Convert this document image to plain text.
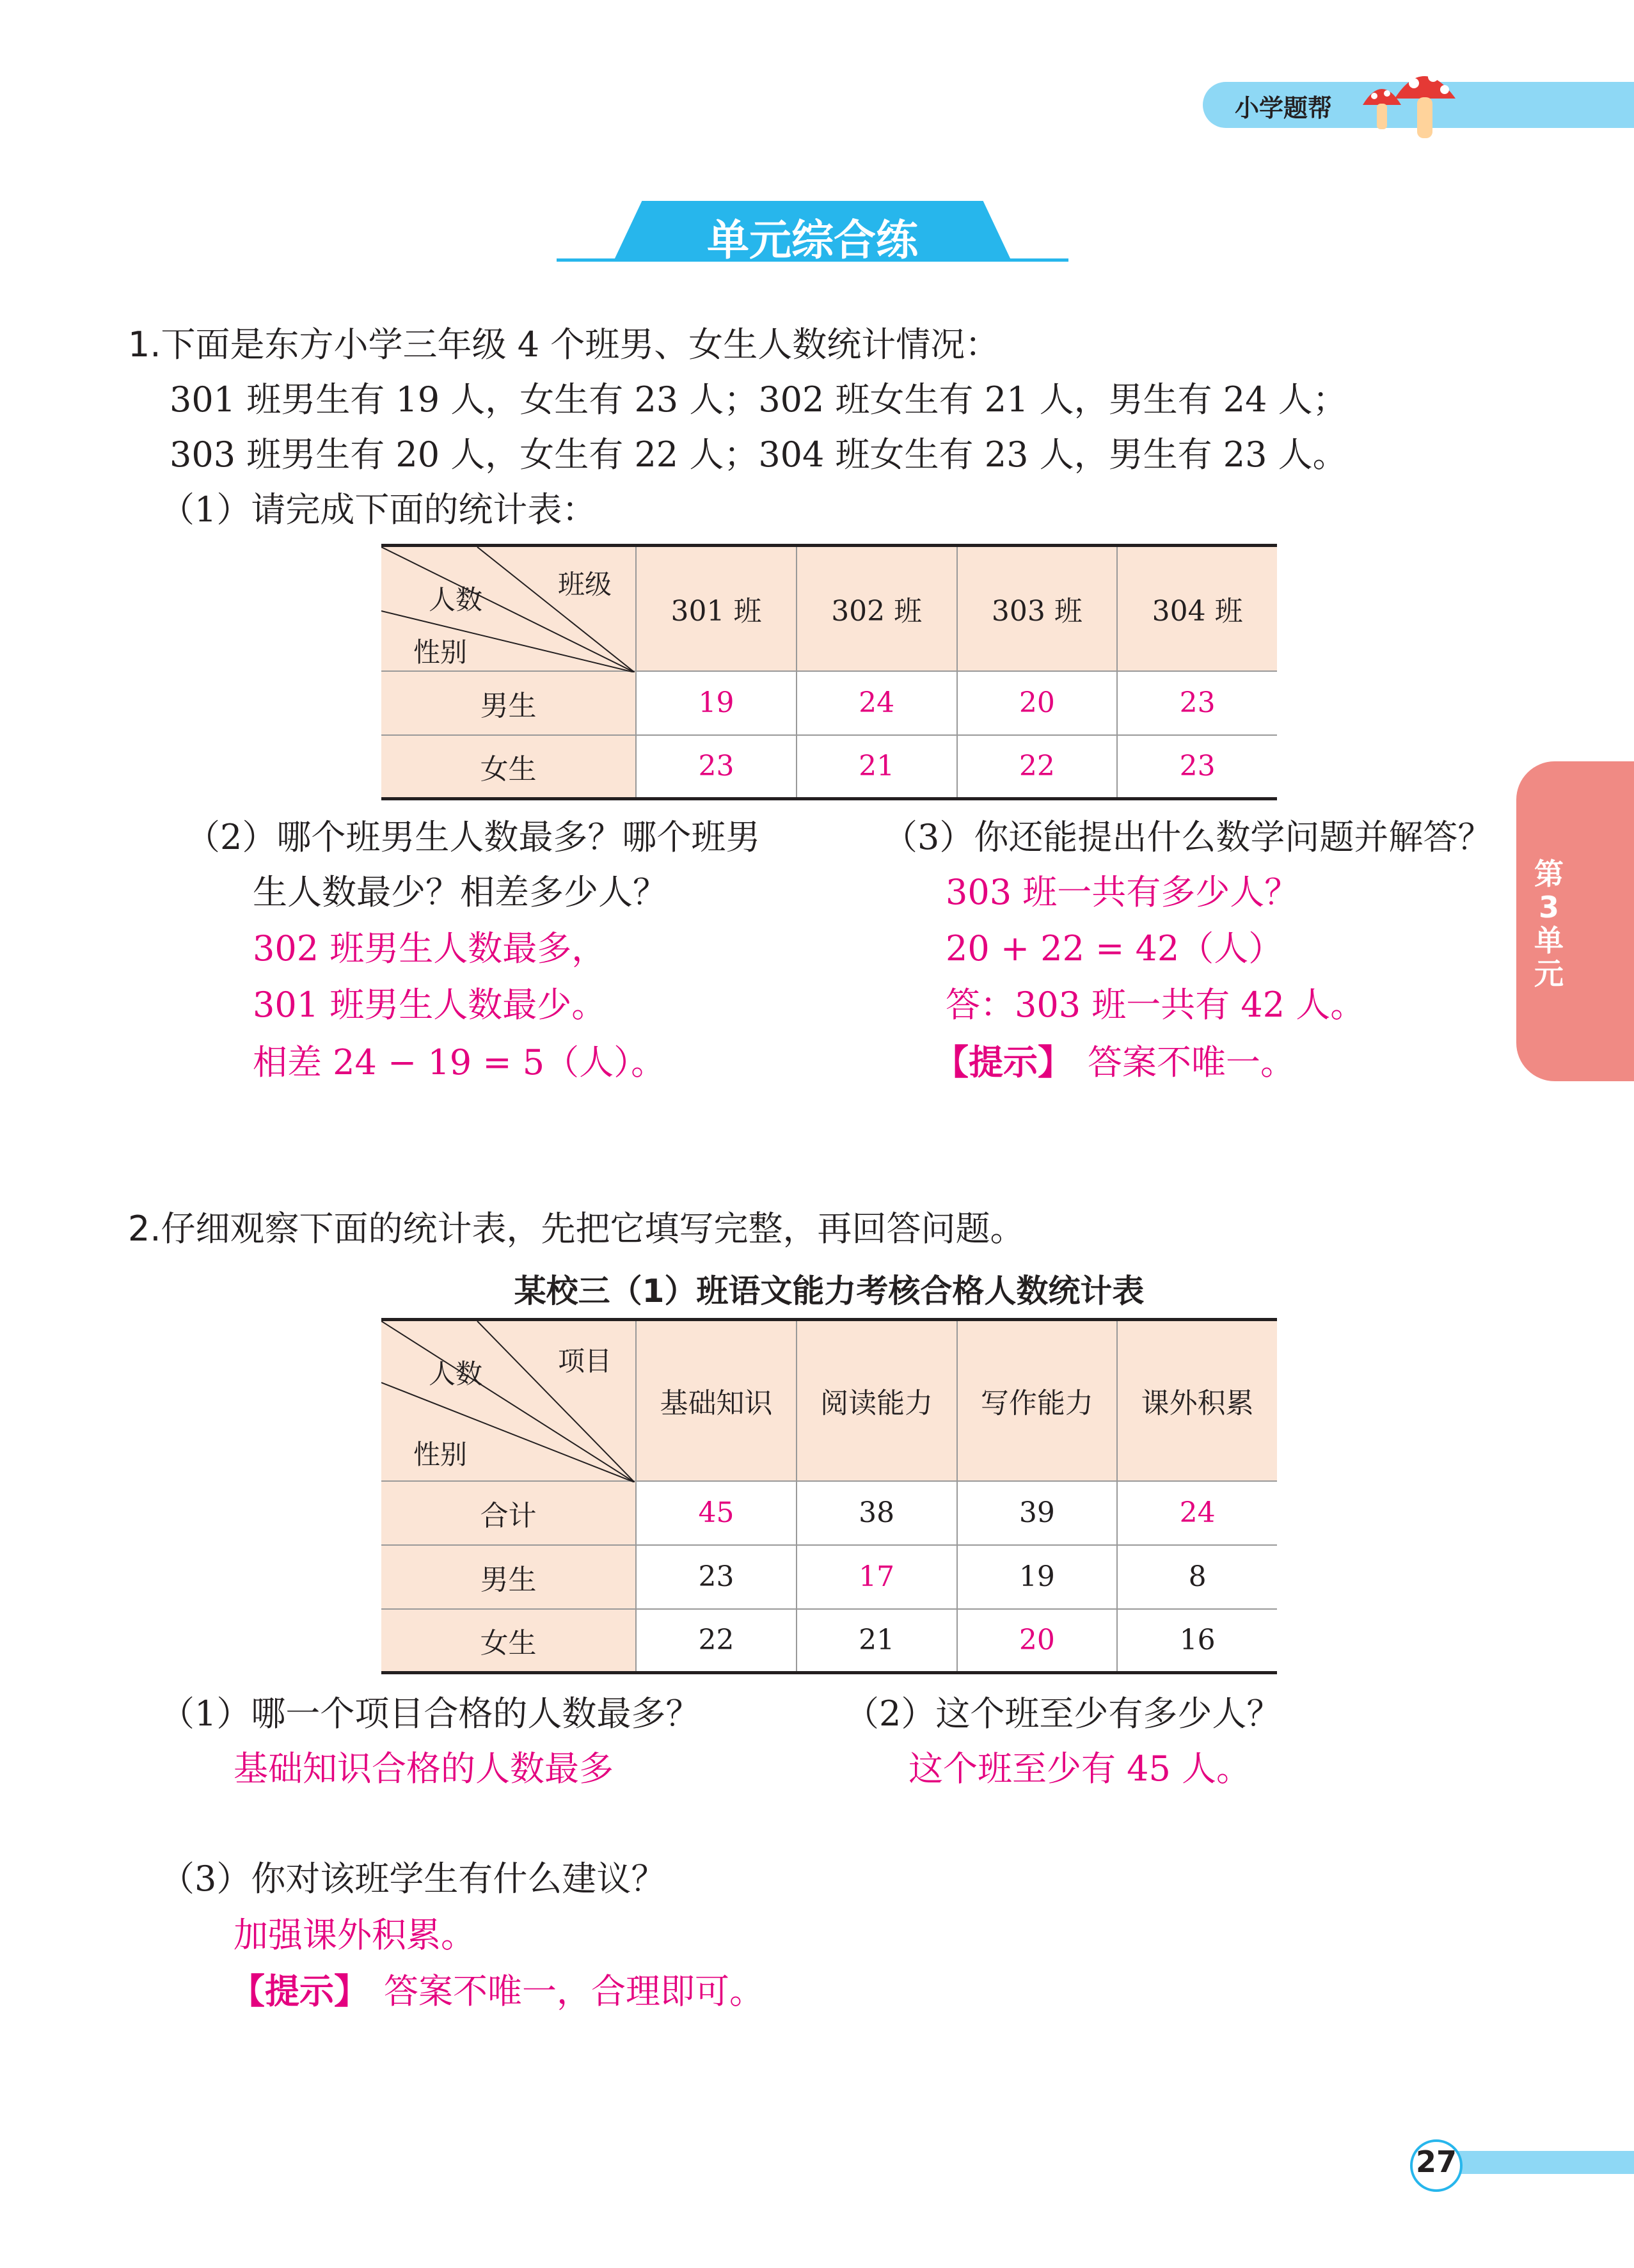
小学题帮
单元综合练
第
3
单
元
1.下面是东方小学三年级 4 个班男、女生人数统计情况：
301 班男生有 19 人，女生有 23 人；302 班女生有 21 人，男生有 24 人；
303 班男生有 20 人，女生有 22 人；304 班女生有 23 人，男生有 23 人。
（1）请完成下面的统计表：
班级
人数
性别	301 班	302 班	303 班	304 班
男生	19	24	20	23
女生	23	21	22	23
（2）哪个班男生人数最多？哪个班男
生人数最少？相差多少人？
302 班男生人数最多，
301 班男生人数最少。
相差 24 − 19 = 5（人）。
（3）你还能提出什么数学问题并解答？
303 班一共有多少人？
20 + 22 = 42（人）
答：303 班一共有 42 人。
【提示】 答案不唯一。
2.仔细观察下面的统计表，先把它填写完整，再回答问题。
某校三（1）班语文能力考核合格人数统计表
项目
人数
性别	基础知识	阅读能力	写作能力	课外积累
合计	45	38	39	24
男生	23	17	19	8
女生	22	21	20	16
（1）哪一个项目合格的人数最多？
基础知识合格的人数最多
（2）这个班至少有多少人？
这个班至少有 45 人。
（3）你对该班学生有什么建议？
加强课外积累。
【提示】 答案不唯一，合理即可。
27
